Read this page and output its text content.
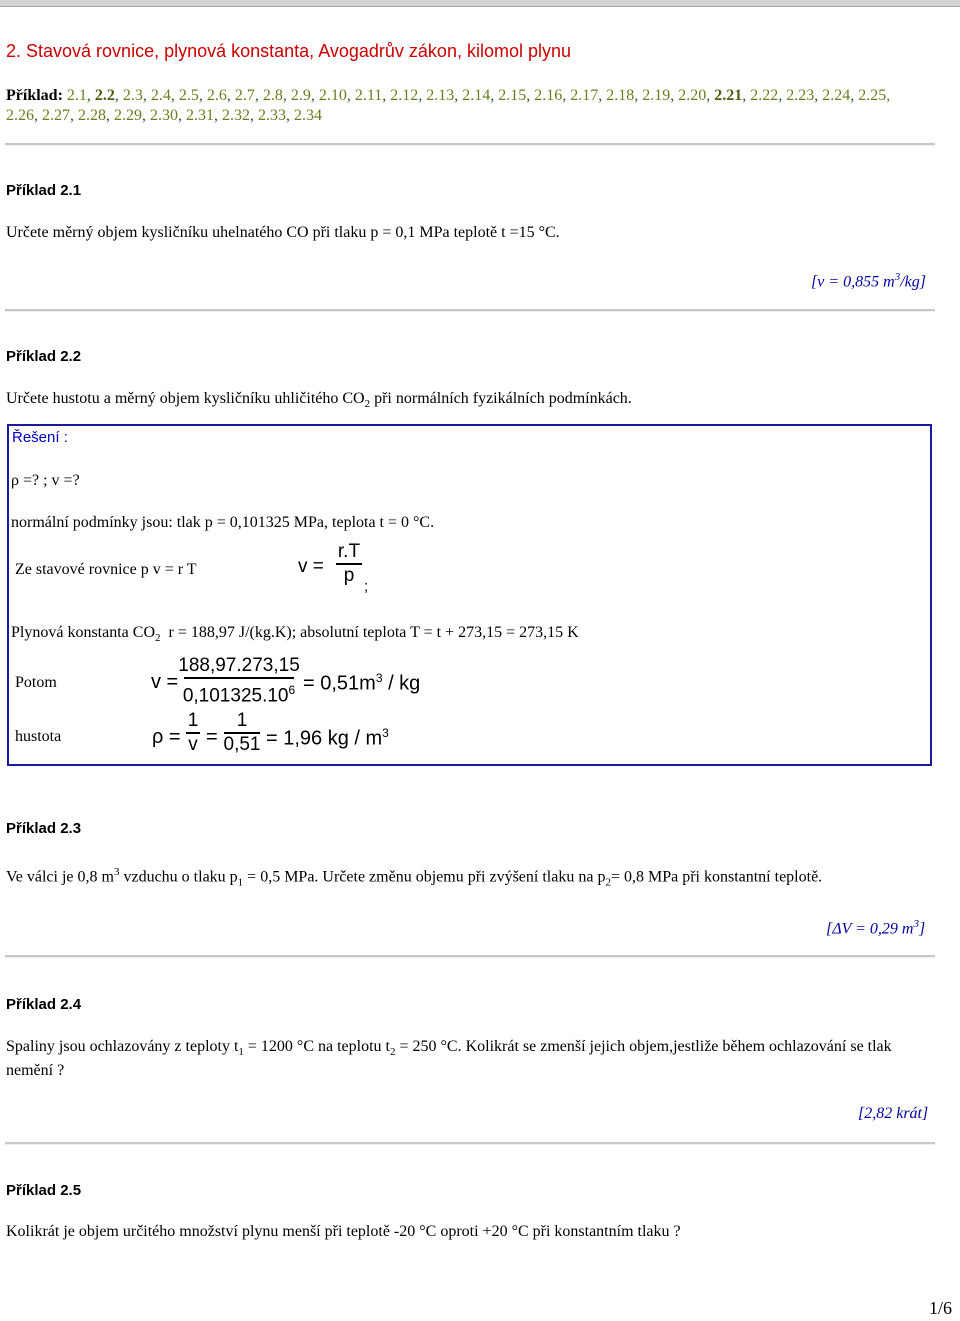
2. Stavová rovnice, plynová konstanta, Avogadrův zákon, kilomol plynu
Příklad: 2.1, 2.2, 2.3, 2.4, 2.5, 2.6, 2.7, 2.8, 2.9, 2.10, 2.11, 2.12, 2.13, 2.14, 2.15, 2.16, 2.17, 2.18, 2.19, 2.20, 2.21, 2.22, 2.23, 2.24, 2.25,
2.26, 2.27, 2.28, 2.29, 2.30, 2.31, 2.32, 2.33, 2.34
Příklad 2.1
Určete měrný objem kysličníku uhelnatého CO při tlaku p = 0,1 MPa teplotě t =15 °C.
[v = 0,855 $m^3/kg$]
Příklad 2.2
Určete hustotu a měrný objem kysličníku uhličitého $CO_2$ při normálních fyzikálních podmínkách.
Řešení :
ρ =? ; v =?
normální podmínky jsou: tlak p = 0,101325 MPa, teplota t = 0 °C.
Ze stavové rovnice p v = r T	v =
r.T
p
;
Plynová konstanta $CO_2$ r = 188,97 J/(kg.K); absolutní teplota T = t + 273,15 = 273,15 K
Potom	v =
188,97.273,15
$0,101325.10^6 = 0,51m^3$ / kg
hustota	ρ =
1
v =
1
0,51 = 1,96 kg / $m^3$
Příklad 2.3
Ve válci je 0,8 $m^3$ vzduchu o tlaku $p_1 = 0,5$ MPa. Určete změnu objemu při zvýšení tlaku na $p_2= 0,8$ MPa při konstantní teplotě.
[ΔV = 0,29 $m^3$]
Příklad 2.4
Spaliny jsou ochlazovány z teploty $t_1 = 1200$ °C na teplotu $t_2 = 250$ °C. Kolikrát se zmenší jejich objem,jestliže během ochlazování se tlak
nemění ?
[2,82 krát]
Příklad 2.5
Kolikrát je objem určitého množství plynu menší při teplotě -20 °C oproti +20 °C při konstantním tlaku ?
1/6
